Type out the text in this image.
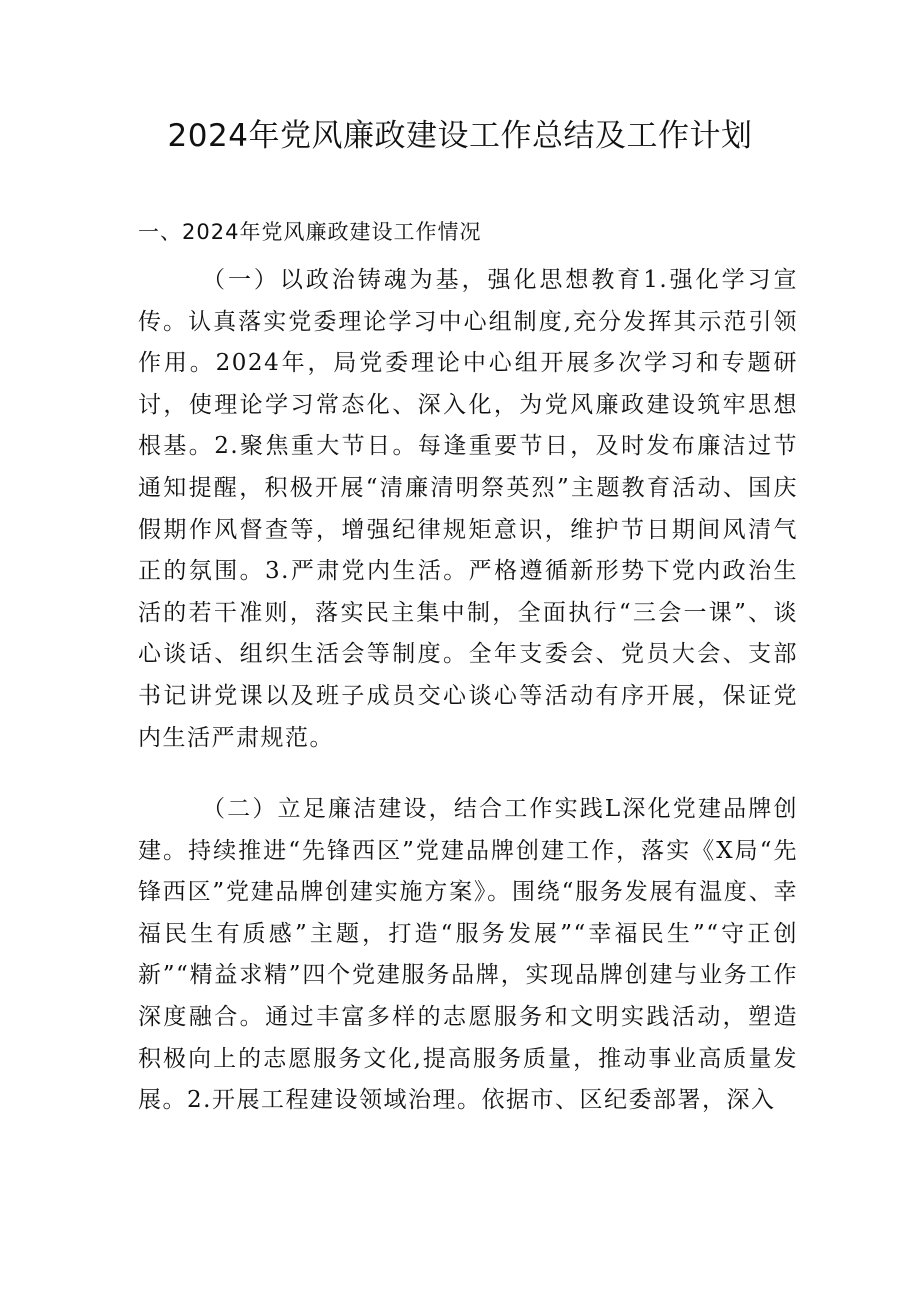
2024年党风廉政建设工作总结及工作计划
一、2024年党风廉政建设工作情况

（一）以政治铸魂为基，强化思想教育1.强化学习宣传。认真落实党委理论学习中心组制度,充分发挥其示范引领作用。2024年，局党委理论中心组开展多次学习和专题研讨，使理论学习常态化、深入化，为党风廉政建设筑牢思想根基。2.聚焦重大节日。每逢重要节日，及时发布廉洁过节通知提醒，积极开展“清廉清明祭英烈”主题教育活动、国庆假期作风督查等，增强纪律规矩意识，维护节日期间风清气正的氛围。3.严肃党内生活。严格遵循新形势下党内政治生活的若干准则，落实民主集中制，全面执行“三会一课”、谈心谈话、组织生活会等制度。全年支委会、党员大会、支部书记讲党课以及班子成员交心谈心等活动有序开展，保证党内生活严肃规范。

（二）立足廉洁建设，结合工作实践L深化党建品牌创建。持续推进“先锋西区”党建品牌创建工作，落实《X局“先锋西区”党建品牌创建实施方案》。围绕“服务发展有温度、幸福民生有质感”主题，打造“服务发展”“幸福民生”“守正创新”“精益求精”四个党建服务品牌，实现品牌创建与业务工作深度融合。通过丰富多样的志愿服务和文明实践活动，塑造积极向上的志愿服务文化,提高服务质量，推动事业高质量发展。2.开展工程建设领域治理。依据市、区纪委部署，深入
